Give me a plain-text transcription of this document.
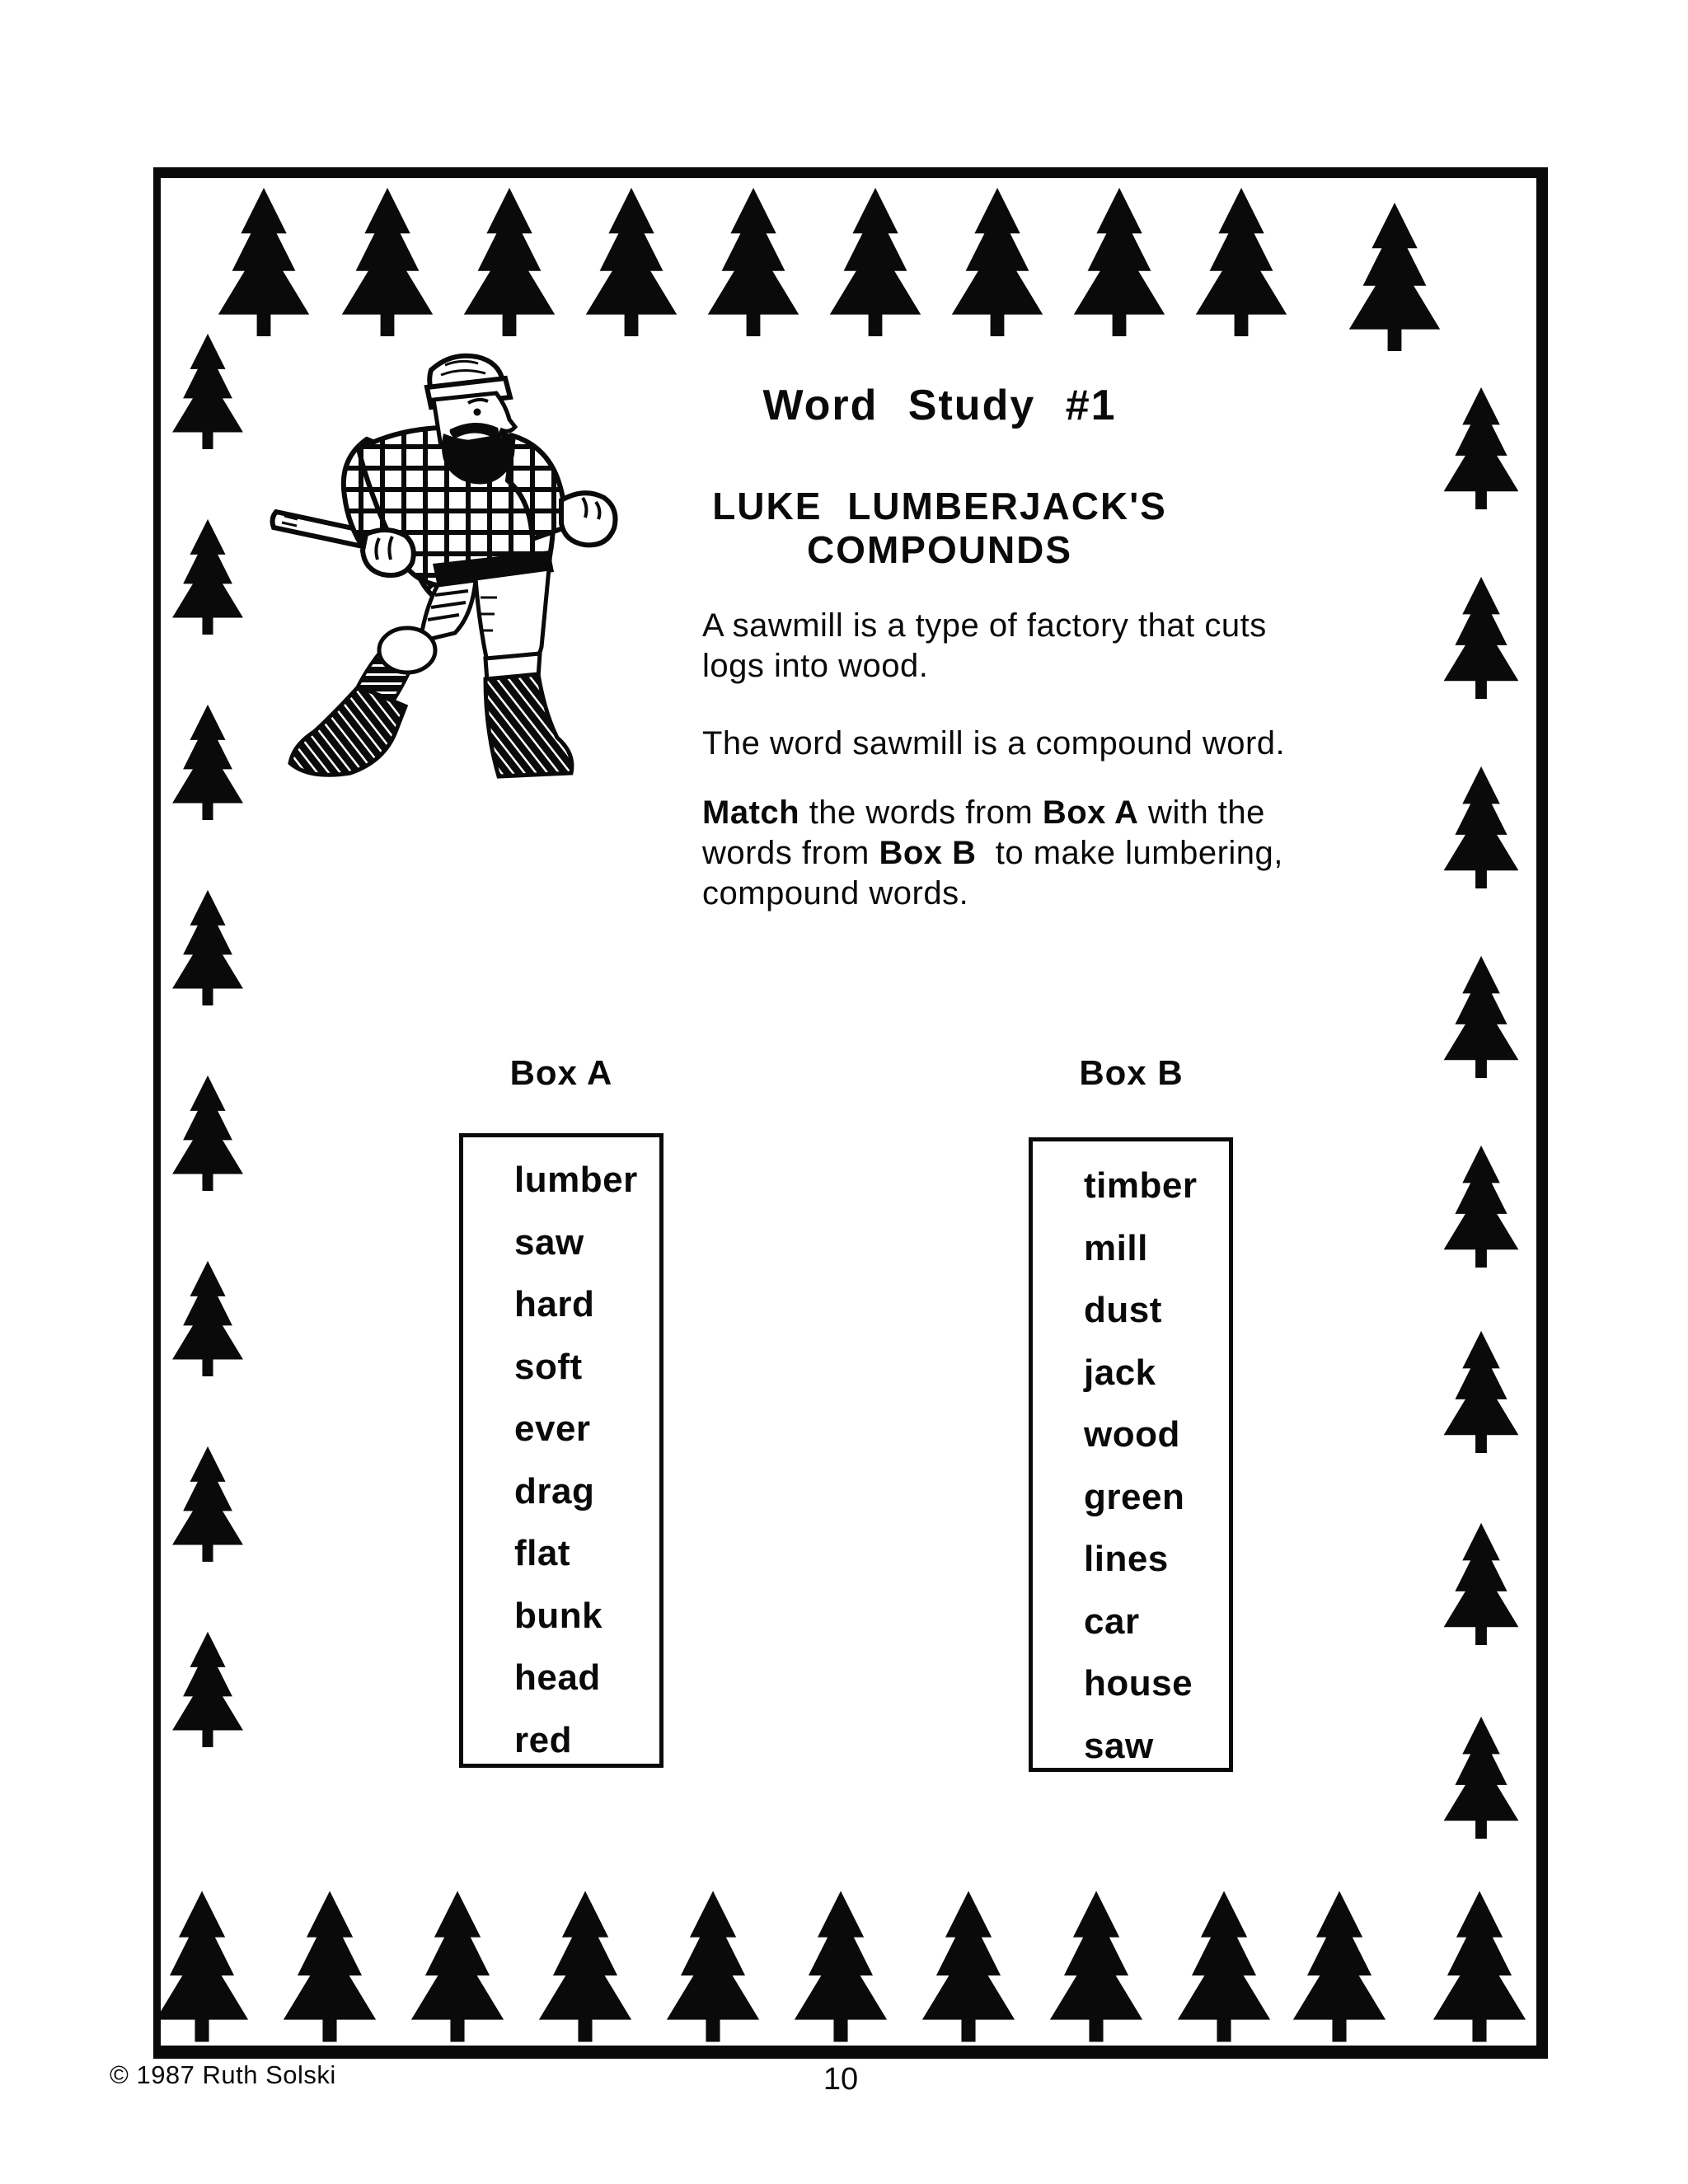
Word Study #1
LUKE LUMBERJACK'S
COMPOUNDS
A sawmill is a type of factory that cuts
logs into wood.
The word sawmill is a compound word.
Match the words from Box A with the
words from Box B  to make lumbering,
compound words.
Box A	Box B
lumber
saw
hard
soft
ever
drag
flat
bunk
head
red
timber
mill
dust
jack
wood
green
lines
car
house
saw
© 1987 Ruth Solski	10
